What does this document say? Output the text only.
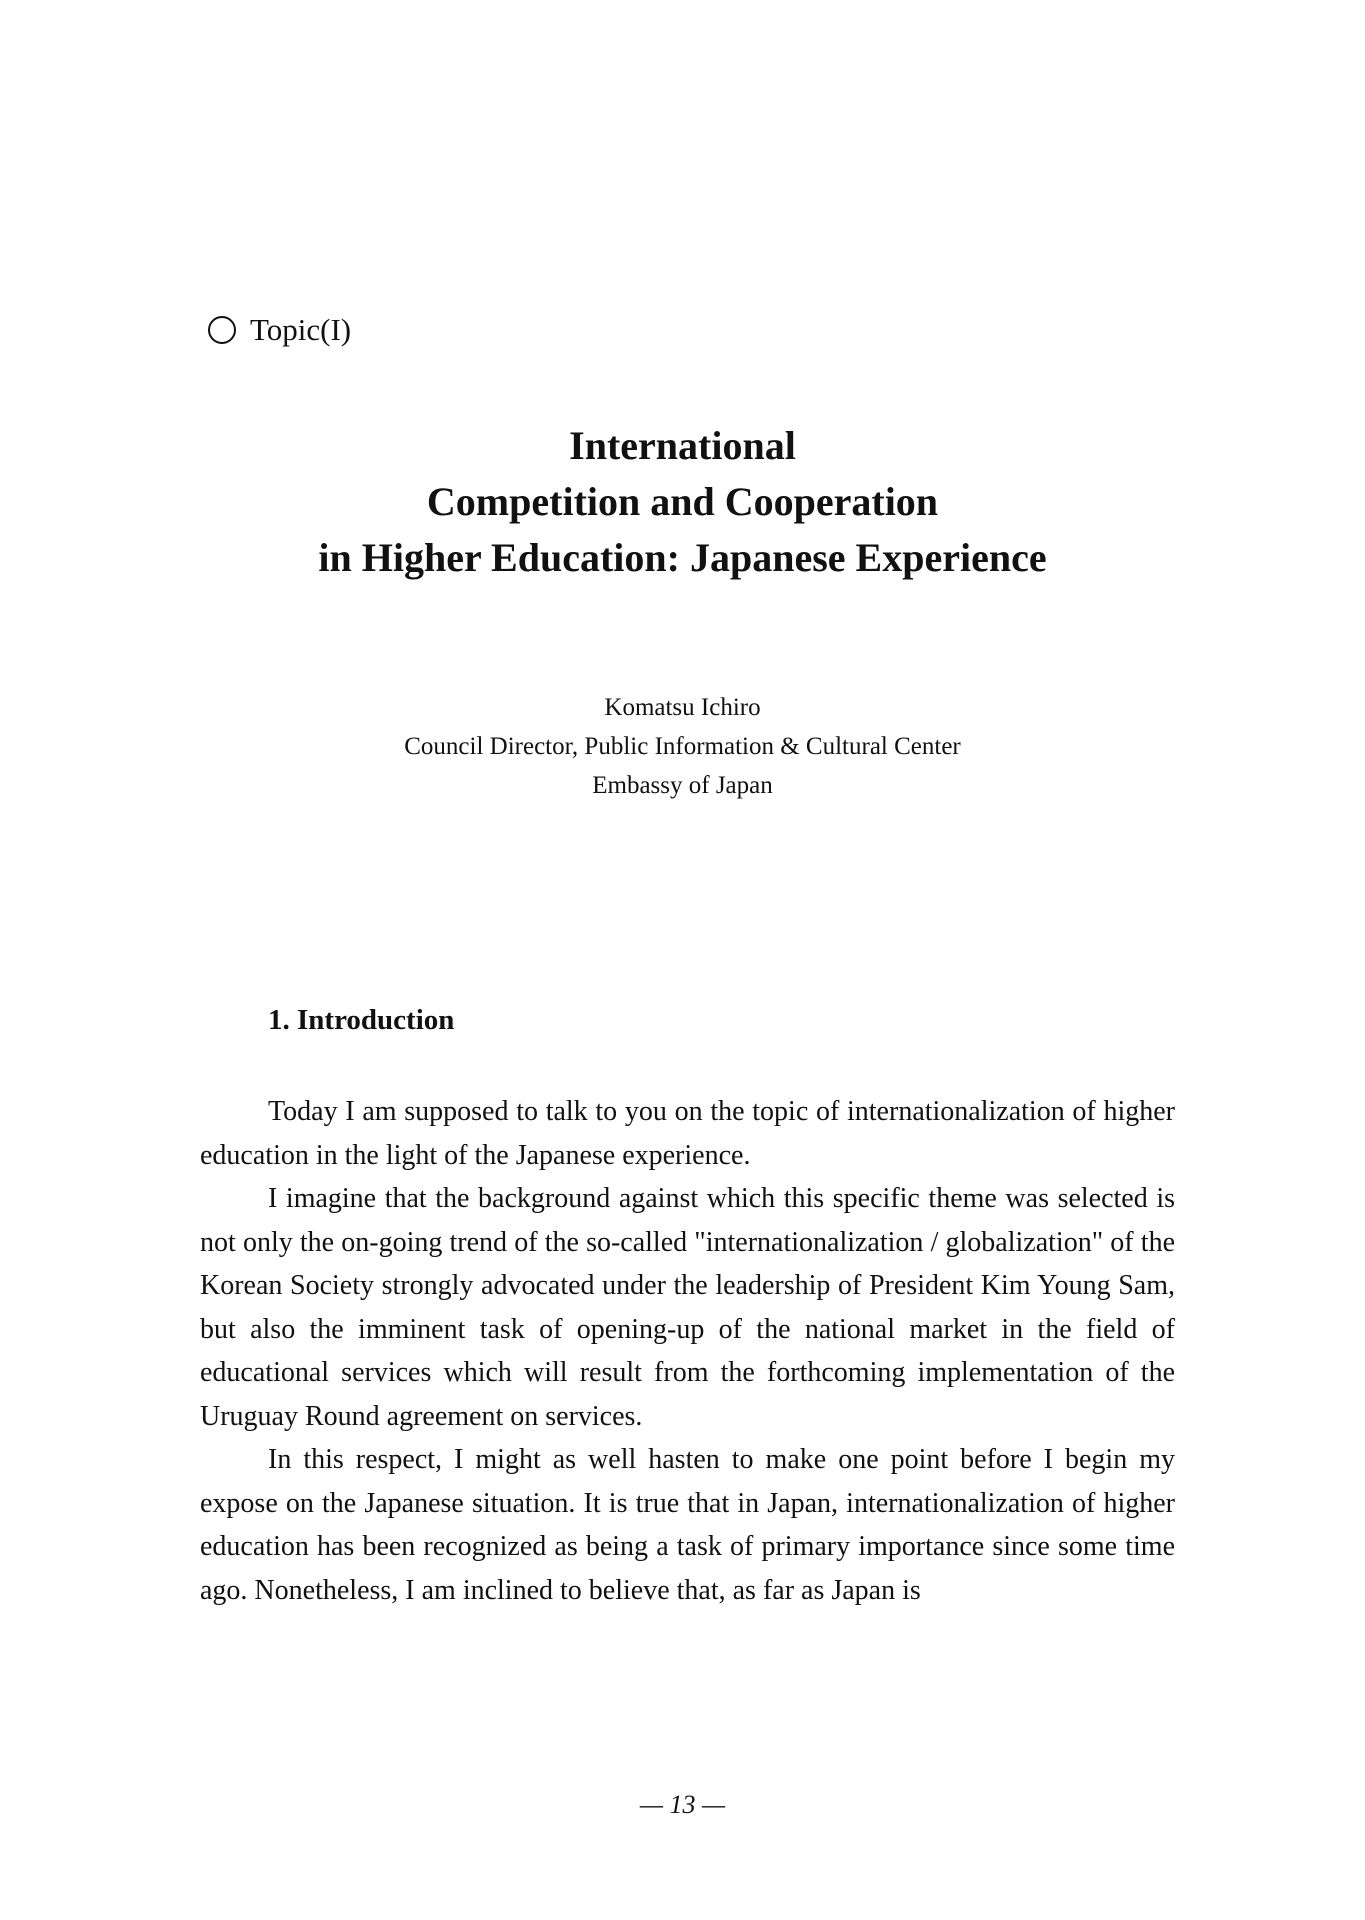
Topic(I)
International
Competition and Cooperation
in Higher Education: Japanese Experience
Komatsu Ichiro
Council Director, Public Information & Cultural Center
Embassy of Japan
1. Introduction

Today I am supposed to talk to you on the topic of internationalization of higher education in the light of the Japanese experience.

I imagine that the background against which this specific theme was selected is not only the on-going trend of the so-called "internationalization / globalization" of the Korean Society strongly advocated under the leadership of President Kim Young Sam, but also the imminent task of opening-up of the national market in the field of educational services which will result from the forthcoming implementation of the Uruguay Round agreement on services.

In this respect, I might as well hasten to make one point before I begin my expose on the Japanese situation. It is true that in Japan, internationalization of higher education has been recognized as being a task of primary importance since some time ago. Nonetheless, I am inclined to believe that, as far as Japan is

— 13 —
